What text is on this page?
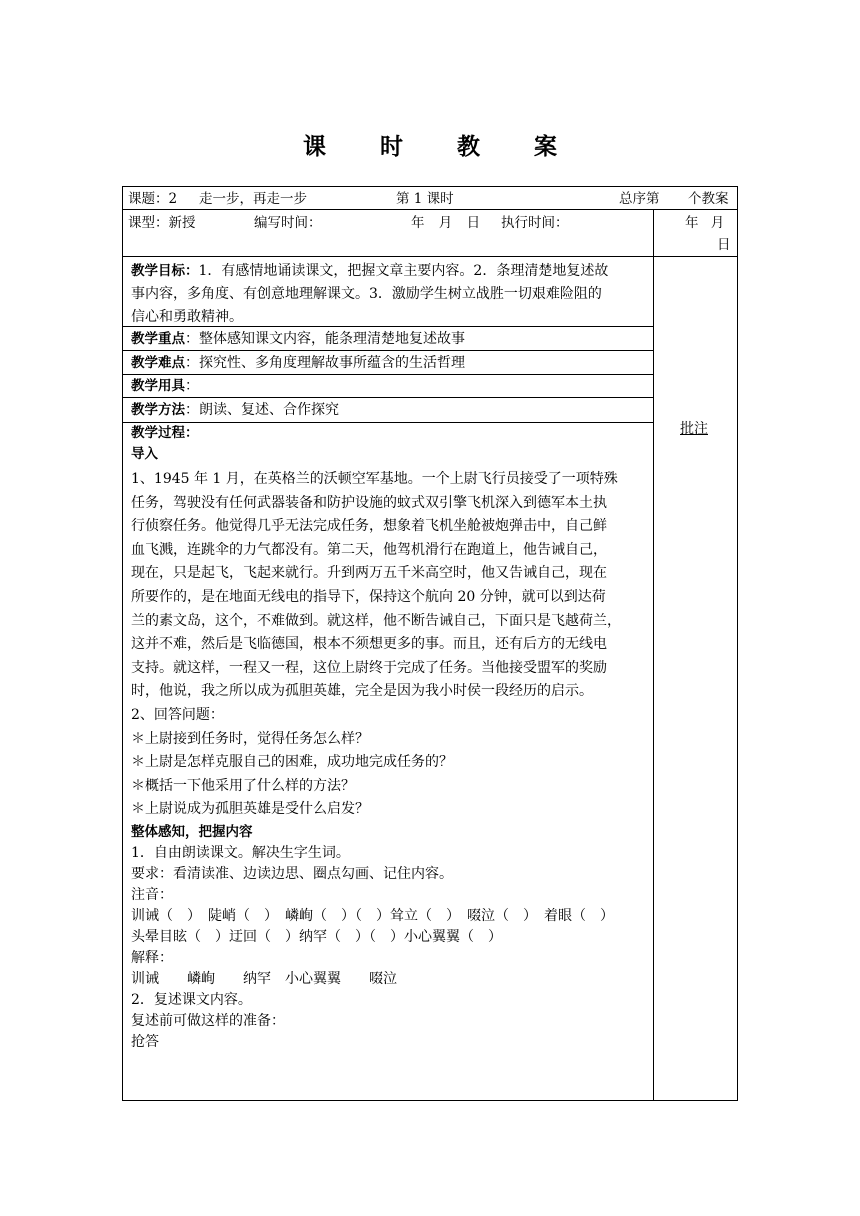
课 时 教 案
课题：2 走一步，再走一步	第 1 课时	总序第 个教案
课型：新授	编写时间：	年 月 日 执行时间：	年 月
日
教学目标：1．有感情地诵读课文，把握文章主要内容。2．条理清楚地复述故
事内容，多角度、有创意地理解课文。3．激励学生树立战胜一切艰难险阻的
信心和勇敢精神。
教学重点：整体感知课文内容，能条理清楚地复述故事
教学难点：探究性、多角度理解故事所蕴含的生活哲理
教学用具：
教学方法：朗读、复述、合作探究
批注
教学过程：
导入
1、1945 年 1 月，在英格兰的沃顿空军基地。一个上尉飞行员接受了一项特殊
任务，驾驶没有任何武器装备和防护设施的蚊式双引擎飞机深入到德军本土执
行侦察任务。他觉得几乎无法完成任务，想象着飞机坐舱被炮弹击中，自己鲜
血飞溅，连跳伞的力气都没有。第二天，他驾机滑行在跑道上，他告诫自己，
现在，只是起飞，飞起来就行。升到两万五千米高空时，他又告诫自己，现在
所要作的，是在地面无线电的指导下，保持这个航向 20 分钟，就可以到达荷
兰的素文岛，这个，不难做到。就这样，他不断告诫自己，下面只是飞越荷兰，
这并不难，然后是飞临德国，根本不须想更多的事。而且，还有后方的无线电
支持。就这样，一程又一程，这位上尉终于完成了任务。当他接受盟军的奖励
时，他说，我之所以成为孤胆英雄，完全是因为我小时侯一段经历的启示。
2、回答问题：
＊上尉接到任务时，觉得任务怎么样？
＊上尉是怎样克服自己的困难，成功地完成任务的？
＊概括一下他采用了什么样的方法？
＊上尉说成为孤胆英雄是受什么启发？
整体感知，把握内容
1．自由朗读课文。解决生字生词。
要求：看清读准、边读边思、圈点勾画、记住内容。
注音：
训诫（　）　陡峭（　）　嶙峋（　）（　）耸立（　）　啜泣（　）　着眼（　）
头晕目眩（　）迂回（　）纳罕（　）（　）小心翼翼（　）
解释：
训诫　　嶙峋　　纳罕　小心翼翼　　啜泣
2．复述课文内容。
复述前可做这样的准备：
抢答
